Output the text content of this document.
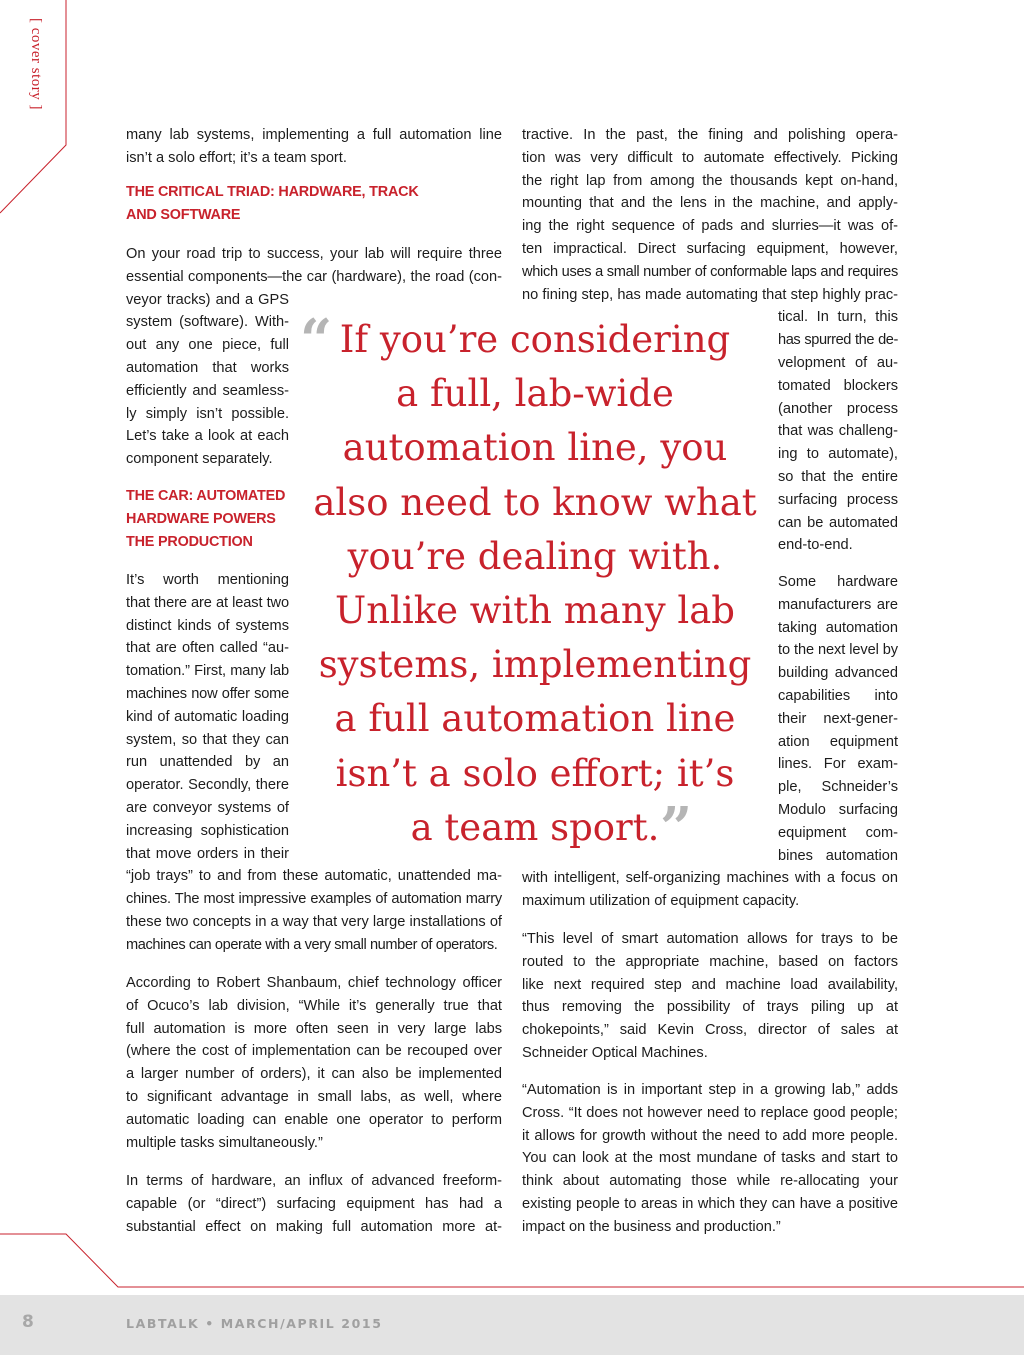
[ cover story ]
many lab systems, implementing a full automation line
isn’t a solo effort; it’s a team sport.
THE CRITICAL TRIAD: HARDWARE, TRACK
AND SOFTWARE
On your road trip to success, your lab will require three
essential components—the car (hardware), the road (con-
veyor tracks) and a GPS
system (software). With-
out any one piece, full
automation that works
efficiently and seamless-
ly simply isn’t possible.
Let’s take a look at each
component separately.
THE CAR: AUTOMATED
HARDWARE POWERS
THE PRODUCTION
It’s worth mentioning
that there are at least two
distinct kinds of systems
that are often called “au-
tomation.” First, many lab
machines now offer some
kind of automatic loading
system, so that they can
run unattended by an
operator. Secondly, there
are conveyor systems of
increasing sophistication
that move orders in their
“job trays” to and from these automatic, unattended ma-
chines. The most impressive examples of automation marry
these two concepts in a way that very large installations of
machines can operate with a very small number of operators.
According to Robert Shanbaum, chief technology officer
of Ocuco’s lab division, “While it’s generally true that
full automation is more often seen in very large labs
(where the cost of implementation can be recouped over
a larger number of orders), it can also be implemented
to significant advantage in small labs, as well, where
automatic loading can enable one operator to perform
multiple tasks simultaneously.”
In terms of hardware, an influx of advanced freeform-
capable (or “direct”) surfacing equipment has had a
substantial effect on making full automation more at-
tractive. In the past, the fining and polishing opera-
tion was very difficult to automate effectively. Picking
the right lap from among the thousands kept on-hand,
mounting that and the lens in the machine, and apply-
ing the right sequence of pads and slurries—it was of-
ten impractical. Direct surfacing equipment, however,
which uses a small number of conformable laps and requires
no fining step, has made automating that step highly prac-
tical. In turn, this
has spurred the de-
velopment of au-
tomated blockers
(another process
that was challeng-
ing to automate),
so that the entire
surfacing process
can be automated
end-to-end.
Some hardware
manufacturers are
taking automation
to the next level by
building advanced
capabilities into
their next-gener-
ation equipment
lines. For exam-
ple, Schneider’s
Modulo surfacing
equipment com-
bines automation
with intelligent, self-organizing machines with a focus on
maximum utilization of equipment capacity.
“This level of smart automation allows for trays to be
routed to the appropriate machine, based on factors
like next required step and machine load availability,
thus removing the possibility of trays piling up at
chokepoints,” said Kevin Cross, director of sales at
Schneider Optical Machines.
“Automation is in important step in a growing lab,” adds
Cross. “It does not however need to replace good people;
it allows for growth without the need to add more people.
You can look at the most mundane of tasks and start to
think about automating those while re-allocating your
existing people to areas in which they can have a positive
impact on the business and production.”
“ If you’re considering
a full, lab-wide
automation line, you
also need to know what
you’re dealing with.
Unlike with many lab
systems, implementing
a full automation line
isn’t a solo effort; it’s
a team sport. ”
8	LABTALK • MARCH/APRIL 2015
